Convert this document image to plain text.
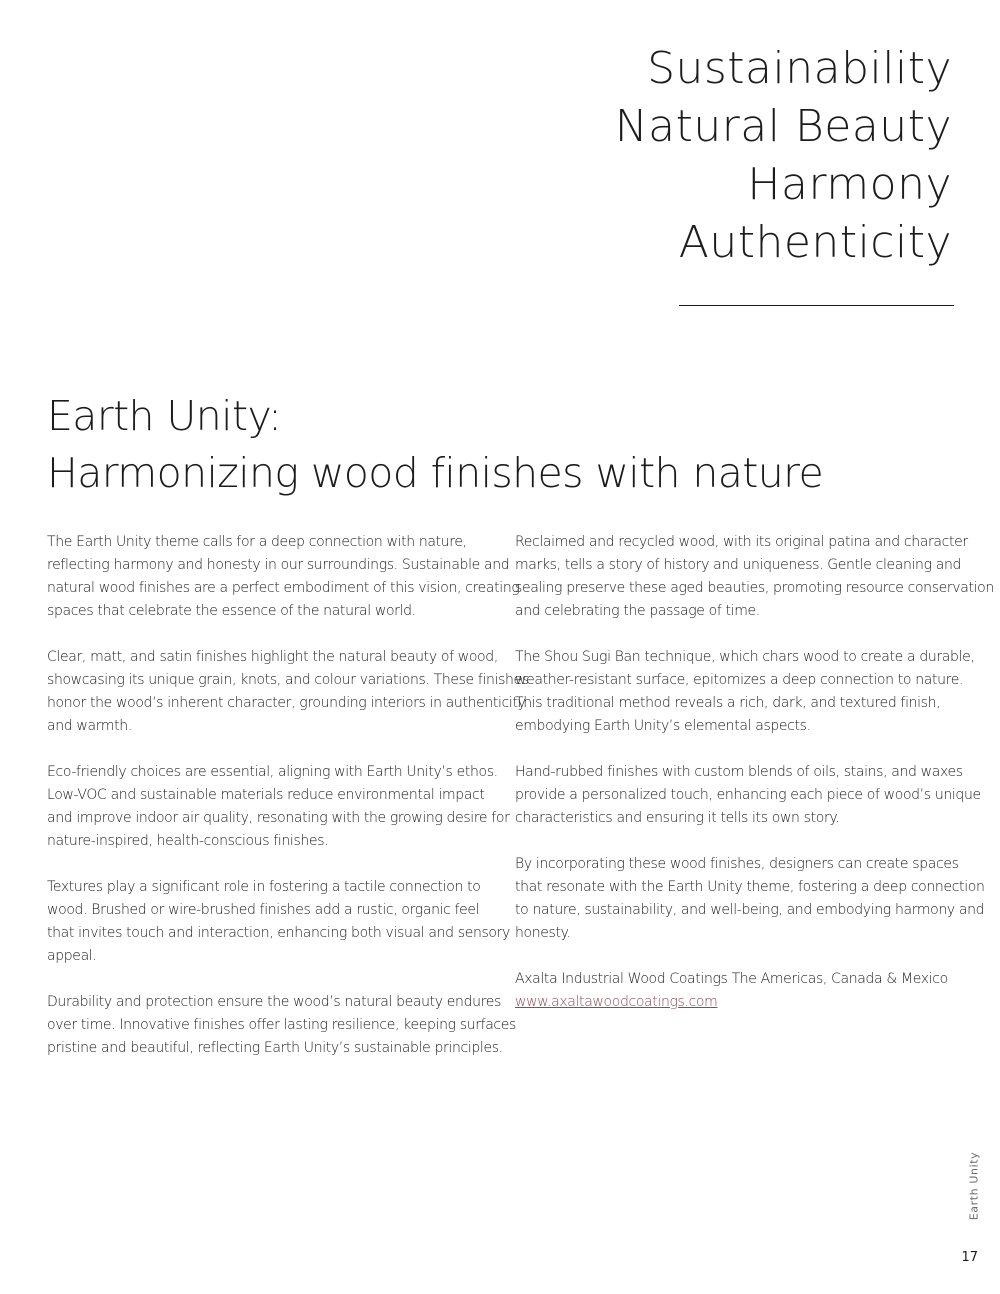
Sustainability
Natural Beauty
Harmony
Authenticity
Earth Unity:
Harmonizing wood finishes with nature

The Earth Unity theme calls for a deep connection with nature,
reflecting harmony and honesty in our surroundings. Sustainable and
natural wood finishes are a perfect embodiment of this vision, creating
spaces that celebrate the essence of the natural world.

Clear, matt, and satin finishes highlight the natural beauty of wood,
showcasing its unique grain, knots, and colour variations. These finishes
honor the wood’s inherent character, grounding interiors in authenticity
and warmth.

Eco-friendly choices are essential, aligning with Earth Unity’s ethos.
Low-VOC and sustainable materials reduce environmental impact
and improve indoor air quality, resonating with the growing desire for
nature-inspired, health-conscious finishes.

Textures play a significant role in fostering a tactile connection to
wood. Brushed or wire-brushed finishes add a rustic, organic feel
that invites touch and interaction, enhancing both visual and sensory
appeal.

Durability and protection ensure the wood’s natural beauty endures
over time. Innovative finishes offer lasting resilience, keeping surfaces
pristine and beautiful, reflecting Earth Unity’s sustainable principles.

Reclaimed and recycled wood, with its original patina and character
marks, tells a story of history and uniqueness. Gentle cleaning and
sealing preserve these aged beauties, promoting resource conservation
and celebrating the passage of time.

The Shou Sugi Ban technique, which chars wood to create a durable,
weather-resistant surface, epitomizes a deep connection to nature.
This traditional method reveals a rich, dark, and textured finish,
embodying Earth Unity’s elemental aspects.

Hand-rubbed finishes with custom blends of oils, stains, and waxes
provide a personalized touch, enhancing each piece of wood’s unique
characteristics and ensuring it tells its own story.

By incorporating these wood finishes, designers can create spaces
that resonate with the Earth Unity theme, fostering a deep connection
to nature, sustainability, and well-being, and embodying harmony and
honesty.

Axalta Industrial Wood Coatings The Americas, Canada & Mexico
www.axaltawoodcoatings.com

Earth Unity
17
